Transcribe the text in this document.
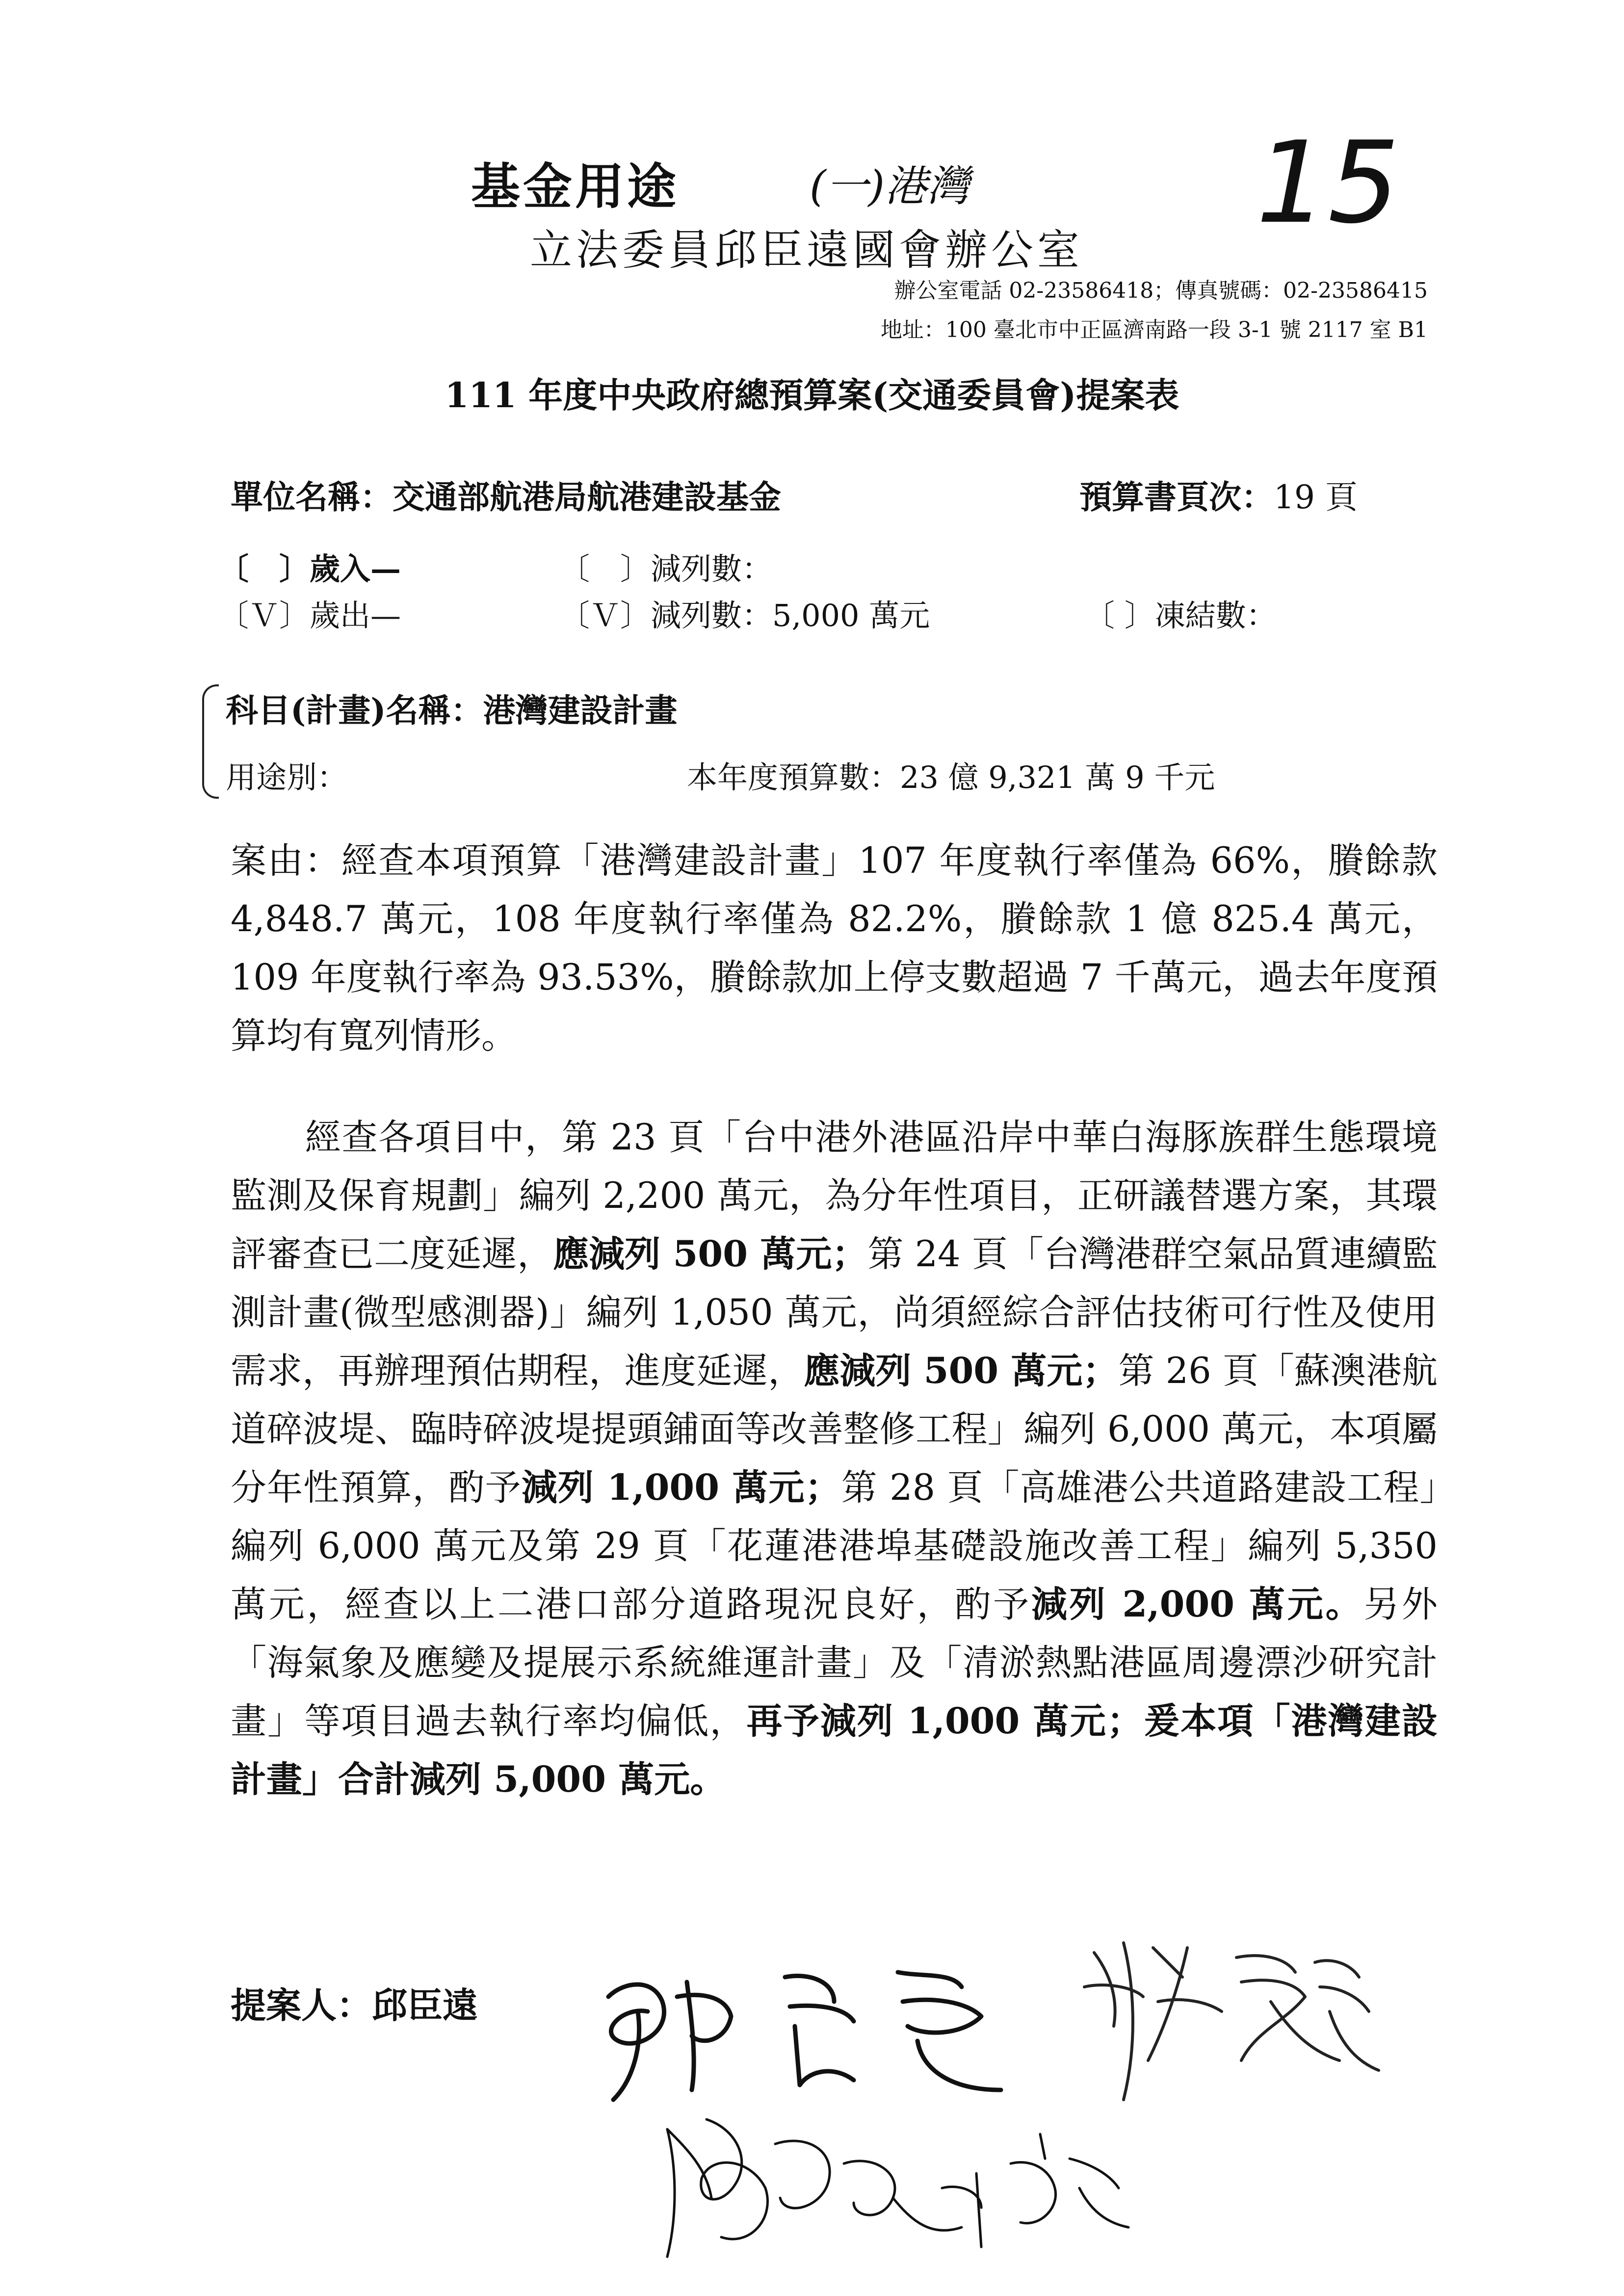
基金用途	(一)港灣	15
立法委員邱臣遠國會辦公室
辦公室電話 02-23586418；傳真號碼：02-23586415
地址：100 臺北市中正區濟南路一段 3-1 號 2117 室 B1
111 年度中央政府總預算案(交通委員會)提案表
單位名稱：交通部航港局航港建設基金	預算書頁次：19 頁
〔　〕歲入—	〔　〕減列數：
〔Ｖ〕歲出—	〔Ｖ〕減列數：5,000 萬元	〔 〕凍結數：
科目(計畫)名稱：港灣建設計畫
用途別：	本年度預算數：23 億 9,321 萬 9 千元
案由：經查本項預算「港灣建設計畫」107 年度執行率僅為 66%，賸餘款 4,848.7 萬元，108 年度執行率僅為 82.2%，賸餘款 1 億 825.4 萬元，109 年度執行率為 93.53%，賸餘款加上停支數超過 7 千萬元，過去年度預算均有寬列情形。
經查各項目中，第 23 頁「台中港外港區沿岸中華白海豚族群生態環境監測及保育規劃」編列 2,200 萬元，為分年性項目，正研議替選方案，其環評審查已二度延遲，應減列 500 萬元；第 24 頁「台灣港群空氣品質連續監測計畫(微型感測器)」編列 1,050 萬元，尚須經綜合評估技術可行性及使用需求，再辦理預估期程，進度延遲，應減列 500 萬元；第 26 頁「蘇澳港航道碎波堤、臨時碎波堤提頭鋪面等改善整修工程」編列 6,000 萬元，本項屬分年性預算，酌予減列 1,000 萬元；第 28 頁「高雄港公共道路建設工程」編列 6,000 萬元及第 29 頁「花蓮港港埠基礎設施改善工程」編列 5,350 萬元，經查以上二港口部分道路現況良好，酌予減列 2,000 萬元。另外「海氣象及應變及提展示系統維運計畫」及「清淤熱點港區周邊漂沙研究計畫」等項目過去執行率均偏低，再予減列 1,000 萬元；爰本項「港灣建設計畫」合計減列 5,000 萬元。
提案人：邱臣遠
